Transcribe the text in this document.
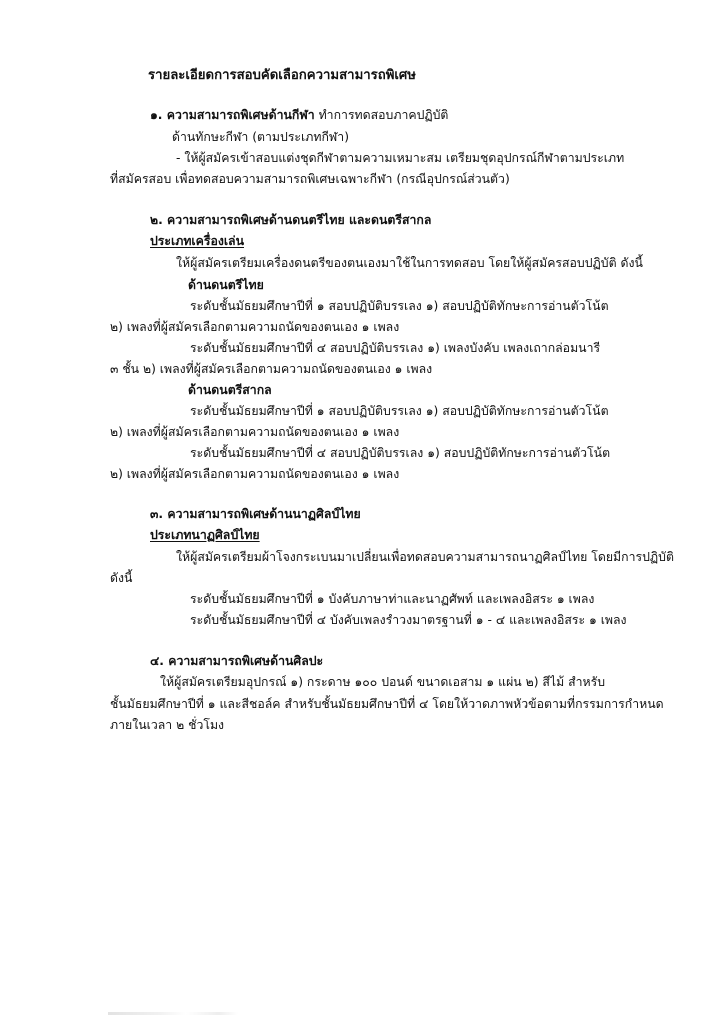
รายละเอียดการสอบคัดเลือกความสามารถพิเศษ
๑. ความสามารถพิเศษด้านกีฬา ทำการทดสอบภาคปฏิบัติ
ด้านทักษะกีฬา (ตามประเภทกีฬา)
- ให้ผู้สมัครเข้าสอบแต่งชุดกีฬาตามความเหมาะสม เตรียมชุดอุปกรณ์กีฬาตามประเภท
ที่สมัครสอบ เพื่อทดสอบความสามารถพิเศษเฉพาะกีฬา (กรณีอุปกรณ์ส่วนตัว)
๒. ความสามารถพิเศษด้านดนตรีไทย และดนตรีสากล
ประเภทเครื่องเล่น
ให้ผู้สมัครเตรียมเครื่องดนตรีของตนเองมาใช้ในการทดสอบ โดยให้ผู้สมัครสอบปฏิบัติ ดังนี้
ด้านดนตรีไทย
ระดับชั้นมัธยมศึกษาปีที่ ๑ สอบปฏิบัติบรรเลง ๑) สอบปฏิบัติทักษะการอ่านตัวโน้ต
๒) เพลงที่ผู้สมัครเลือกตามความถนัดของตนเอง ๑ เพลง
ระดับชั้นมัธยมศึกษาปีที่ ๔ สอบปฏิบัติบรรเลง ๑) เพลงบังคับ เพลงเถากล่อมนารี
๓ ชั้น ๒) เพลงที่ผู้สมัครเลือกตามความถนัดของตนเอง ๑ เพลง
ด้านดนตรีสากล
ระดับชั้นมัธยมศึกษาปีที่ ๑ สอบปฏิบัติบรรเลง ๑) สอบปฏิบัติทักษะการอ่านตัวโน้ต
๒) เพลงที่ผู้สมัครเลือกตามความถนัดของตนเอง ๑ เพลง
ระดับชั้นมัธยมศึกษาปีที่ ๔ สอบปฏิบัติบรรเลง ๑) สอบปฏิบัติทักษะการอ่านตัวโน้ต
๒) เพลงที่ผู้สมัครเลือกตามความถนัดของตนเอง ๑ เพลง
๓. ความสามารถพิเศษด้านนาฏศิลป์ไทย
ประเภทนาฏศิลป์ไทย
ให้ผู้สมัครเตรียมผ้าโจงกระเบนมาเปลี่ยนเพื่อทดสอบความสามารถนาฏศิลป์ไทย โดยมีการปฏิบัติ
ดังนี้
ระดับชั้นมัธยมศึกษาปีที่ ๑ บังคับภาษาท่าและนาฏศัพท์ และเพลงอิสระ ๑ เพลง
ระดับชั้นมัธยมศึกษาปีที่ ๔ บังคับเพลงรำวงมาตรฐานที่ ๑ - ๔ และเพลงอิสระ ๑ เพลง
๔. ความสามารถพิเศษด้านศิลปะ
ให้ผู้สมัครเตรียมอุปกรณ์ ๑) กระดาษ ๑๐๐ ปอนด์ ขนาดเอสาม ๑ แผ่น ๒) สีไม้ สำหรับ
ชั้นมัธยมศึกษาปีที่ ๑ และสีชอล์ค สำหรับชั้นมัธยมศึกษาปีที่ ๔ โดยให้วาดภาพหัวข้อตามที่กรรมการกำหนด
ภายในเวลา ๒ ชั่วโมง
